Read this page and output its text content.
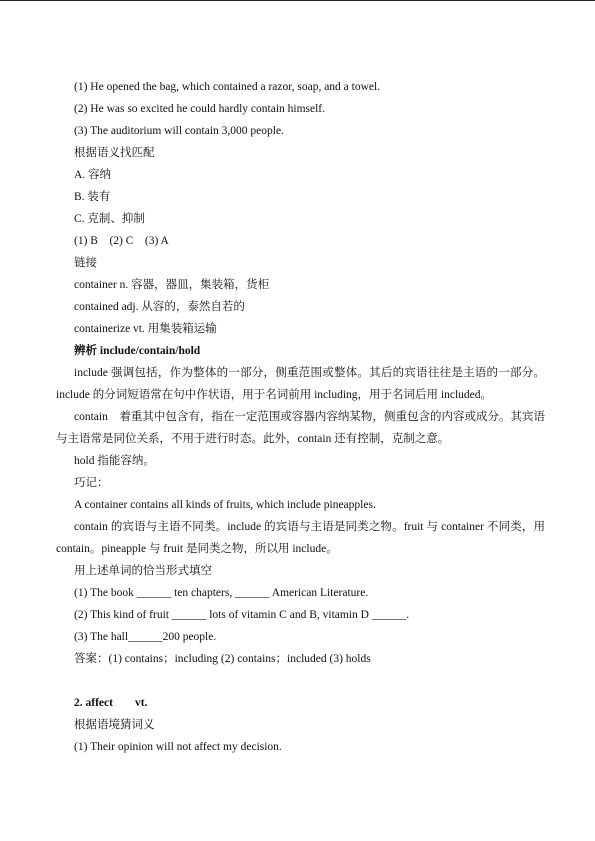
(1) He opened the bag, which contained a razor, soap, and a towel.
(2) He was so excited he could hardly contain himself.
(3) The auditorium will contain 3,000 people.
根据语义找匹配
A. 容纳
B. 装有
C. 克制、抑制
(1) B　(2) C　(3) A
链接
container n. 容器，器皿，集装箱，货柜
contained adj. 从容的，泰然自若的
containerize vt. 用集装箱运输
辨析 include/contain/hold
include 强调包括，作为整体的一部分，侧重范围或整体。其后的宾语往往是主语的一部分。include 的分词短语常在句中作状语，用于名词前用 including，用于名词后用 included。
contain　着重其中包含有，指在一定范围或容器内容纳某物，侧重包含的内容或成分。其宾语与主语常是同位关系，不用于进行时态。此外，contain 还有控制，克制之意。
hold 指能容纳。
巧记：
A container contains all kinds of fruits, which include pineapples.
contain 的宾语与主语不同类。include 的宾语与主语是同类之物。fruit 与 container 不同类，用 contain。pineapple 与 fruit 是同类之物，所以用 include。
用上述单词的恰当形式填空
(1) The book ______ ten chapters, ______ American Literature.
(2) This kind of fruit ______ lots of vitamin C and B, vitamin D ______.
(3) The hall______200 people.
答案：(1) contains；including (2) contains；included (3) holds
2. affect vt.
根据语境猜词义
(1) Their opinion will not affect my decision.
